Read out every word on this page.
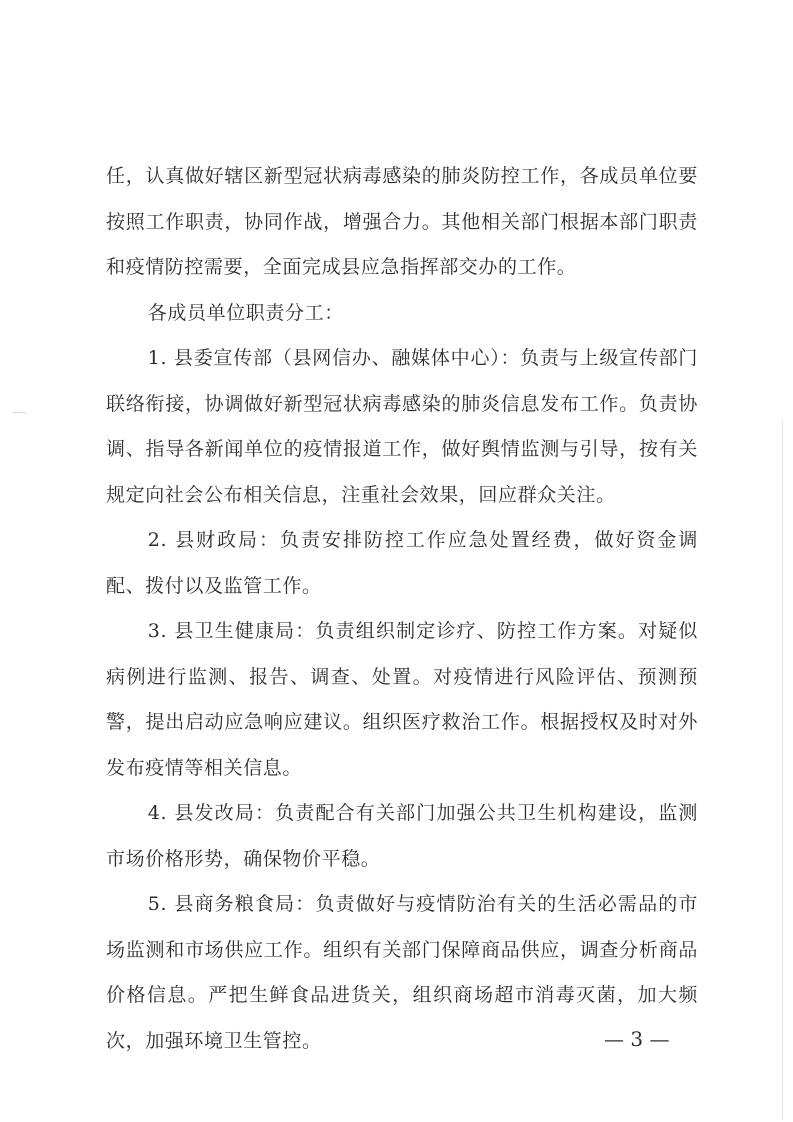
任，认真做好辖区新型冠状病毒感染的肺炎防控工作，各成员单位要按照工作职责，协同作战，增强合力。其他相关部门根据本部门职责和疫情防控需要，全面完成县应急指挥部交办的工作。

各成员单位职责分工：

1. 县委宣传部（县网信办、融媒体中心）：负责与上级宣传部门联络衔接，协调做好新型冠状病毒感染的肺炎信息发布工作。负责协调、指导各新闻单位的疫情报道工作，做好舆情监测与引导，按有关规定向社会公布相关信息，注重社会效果，回应群众关注。

2. 县财政局：负责安排防控工作应急处置经费，做好资金调配、拨付以及监管工作。

3. 县卫生健康局：负责组织制定诊疗、防控工作方案。对疑似病例进行监测、报告、调查、处置。对疫情进行风险评估、预测预警，提出启动应急响应建议。组织医疗救治工作。根据授权及时对外发布疫情等相关信息。

4. 县发改局：负责配合有关部门加强公共卫生机构建设，监测市场价格形势，确保物价平稳。

5. 县商务粮食局：负责做好与疫情防治有关的生活必需品的市场监测和市场供应工作。组织有关部门保障商品供应，调查分析商品价格信息。严把生鲜食品进货关，组织商场超市消毒灭菌，加大频次，加强环境卫生管控。	— 3 —
